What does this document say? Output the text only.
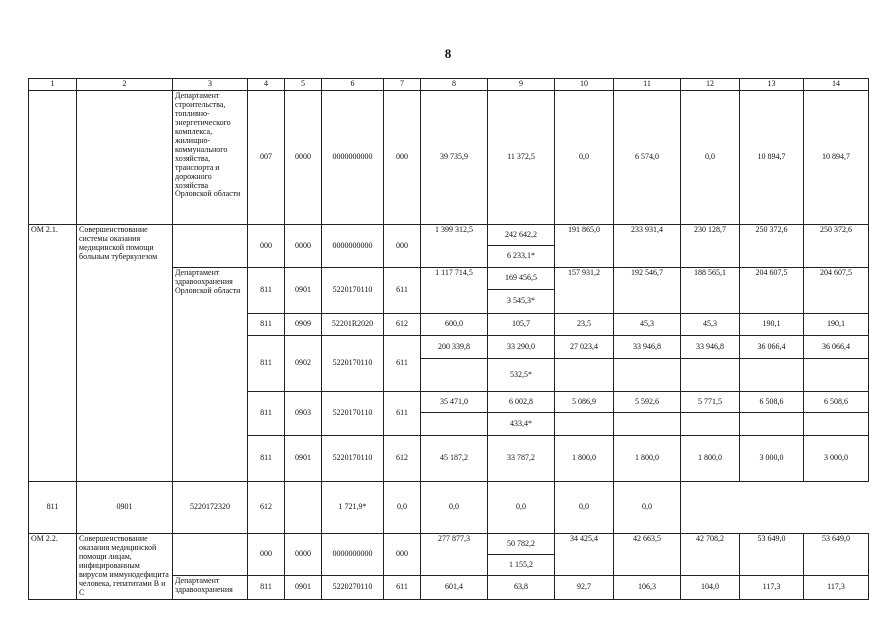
8
1	2	3	4	5	6	7	8	9	10	11	12	13	14
		Департамент строительства, топливно-энергетического комплекса, жилищно-коммунального хозяйства, транспорта и дорожного хозяйства Орловской области	007	0000	0000000000	000	39 735,9	11 372,5	0,0	6 574,0	0,0	10 894,7	10 894,7
ОМ 2.1.	Совершенствование системы оказания медицинской помощи больным туберкулезом		000	0000	0000000000	000	1 399 312,5	242 642,2	191 865,0	233 931,4	230 128,7	250 372,6	250 372,6
								6 233,1*					
		Департамент здравоохранения Орловской области	811	0901	5220170110	611	1 117 714,5	169 456,5	157 931,2	192 546,7	188 565,1	204 607,5	204 607,5
								3 545,3*					
			811	0909	52201R2020	612	600,0	105,7	23,5	45,3	45,3	190,1	190,1
			811	0902	5220170110	611	200 339,8	33 290,0	27 023,4	33 946,8	33 946,8	36 066,4	36 066,4
								532,5*					
			811	0903	5220170110	611	35 471,0	6 002,8	5 086,9	5 592,6	5 771,5	6 508,6	6 508,6
								433,4*					
			811	0901	5220170110	612	45 187,2	33 787,2	1 800,0	1 800,0	1 800,0	3 000,0	3 000,0
811	0901	5220172320	612		1 721,9*	0,0	0,0	0,0	0,0	0,0			
ОМ 2.2.	Совершенствование оказания медицинской помощи лицам, инфицированным вирусом иммунодефицита человека, гепатитами В и С		000	0000	0000000000	000	277 877,3	50 782,2	34 425,4	42 663,5	42 708,2	53 649,0	53 649,0
								1 155,2					
		Департамент здравоохранения	811	0901	5220270110	611	601,4	63,8	92,7	106,3	104,0	117,3	117,3
